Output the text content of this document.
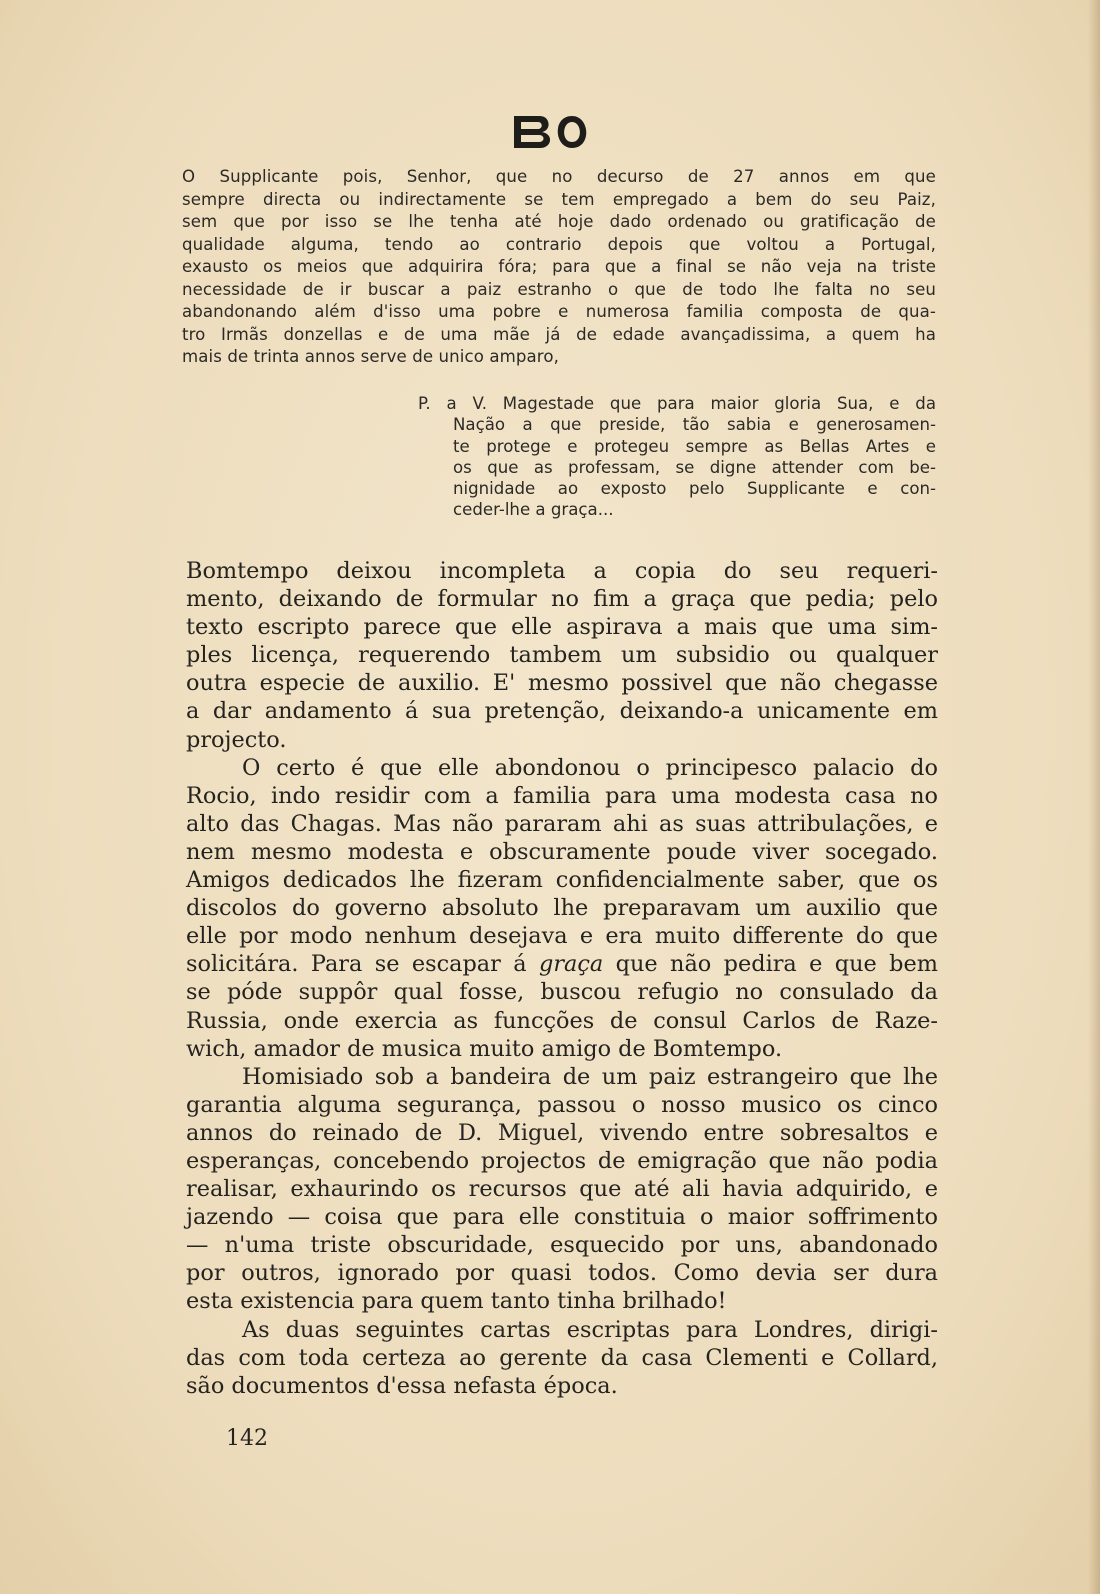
O Supplicante pois, Senhor, que no decurso de 27 annos em que
sempre directa ou indirectamente se tem empregado a bem do seu Paiz,
sem que por isso se lhe tenha até hoje dado ordenado ou gratificação de
qualidade alguma, tendo ao contrario depois que voltou a Portugal,
exausto os meios que adquirira fóra; para que a final se não veja na triste
necessidade de ir buscar a paiz estranho o que de todo lhe falta no seu
abandonando além d'isso uma pobre e numerosa familia composta de qua-
tro Irmãs donzellas e de uma mãe já de edade avançadissima, a quem ha
mais de trinta annos serve de unico amparo,
P. a V. Magestade que para maior gloria Sua, e da
Nação a que preside, tão sabia e generosamen-
te protege e protegeu sempre as Bellas Artes e
os que as professam, se digne attender com be-
nignidade ao exposto pelo Supplicante e con-
ceder-lhe a graça...
Bomtempo deixou incompleta a copia do seu requeri-
mento, deixando de formular no fim a graça que pedia; pelo
texto escripto parece que elle aspirava a mais que uma sim-
ples licença, requerendo tambem um subsidio ou qualquer
outra especie de auxilio. E' mesmo possivel que não chegasse
a dar andamento á sua pretenção, deixando-a unicamente em
projecto.
O certo é que elle abondonou o principesco palacio do
Rocio, indo residir com a familia para uma modesta casa no
alto das Chagas. Mas não pararam ahi as suas attribulações, e
nem mesmo modesta e obscuramente poude viver socegado.
Amigos dedicados lhe fizeram confidencialmente saber, que os
discolos do governo absoluto lhe preparavam um auxilio que
elle por modo nenhum desejava e era muito differente do que
solicitára. Para se escapar á graça que não pedira e que bem
se póde suppôr qual fosse, buscou refugio no consulado da
Russia, onde exercia as funcções de consul Carlos de Raze-
wich, amador de musica muito amigo de Bomtempo.
Homisiado sob a bandeira de um paiz estrangeiro que lhe
garantia alguma segurança, passou o nosso musico os cinco
annos do reinado de D. Miguel, vivendo entre sobresaltos e
esperanças, concebendo projectos de emigração que não podia
realisar, exhaurindo os recursos que até ali havia adquirido, e
jazendo — coisa que para elle constituia o maior soffrimento
— n'uma triste obscuridade, esquecido por uns, abandonado
por outros, ignorado por quasi todos. Como devia ser dura
esta existencia para quem tanto tinha brilhado!
As duas seguintes cartas escriptas para Londres, dirigi-
das com toda certeza ao gerente da casa Clementi e Collard,
são documentos d'essa nefasta época.
142
